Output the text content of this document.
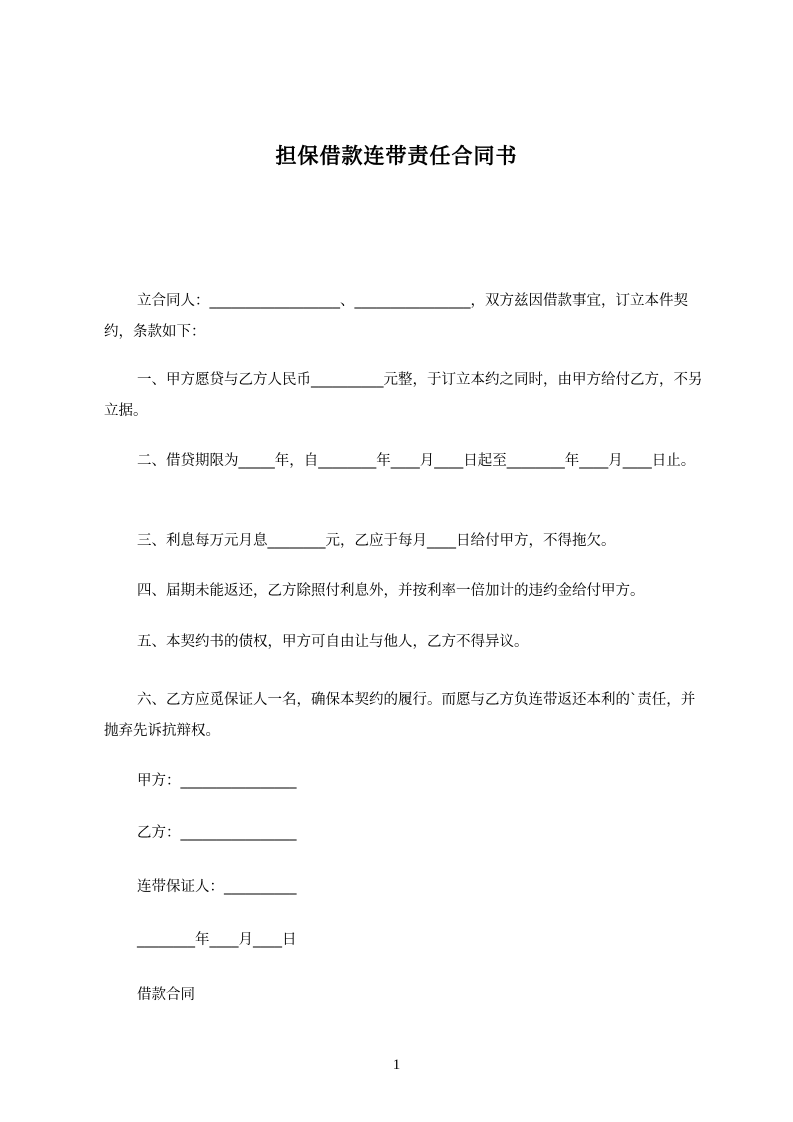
担保借款连带责任合同书
立合同人：__________________、________________，双方兹因借款事宜，订立本件契约，条款如下：
一、甲方愿贷与乙方人民币__________元整，于订立本约之同时，由甲方给付乙方，不另立据。
二、借贷期限为_____年，自________年____月____日起至________年____月____日止。
三、利息每万元月息________元，乙应于每月____日给付甲方，不得拖欠。
四、届期未能返还，乙方除照付利息外，并按利率一倍加计的违约金给付甲方。
五、本契约书的债权，甲方可自由让与他人，乙方不得异议。
六、乙方应觅保证人一名，确保本契约的履行。而愿与乙方负连带返还本利的`责任，并抛弃先诉抗辩权。
甲方：________________
乙方：________________
连带保证人：__________
________年____月____日
借款合同
1
